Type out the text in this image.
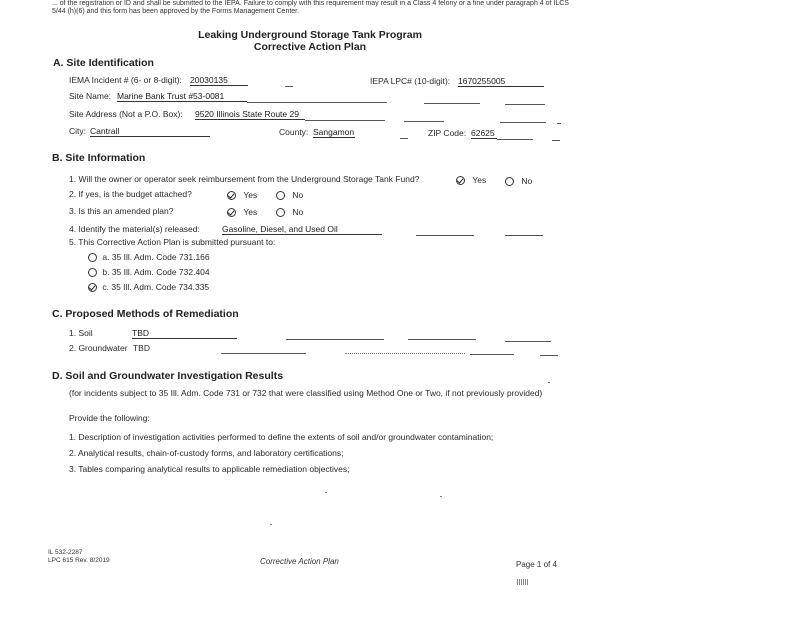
... of the registration or ID and shall be submitted to the IEPA. Failure to comply with this requirement may result in a Class 4 felony or a fine under paragraph 4 of ILCS 5/44 (h)(6) and this form has been approved by the Forms Management Center.
Leaking Underground Storage Tank Program
Corrective Action Plan
A. Site Identification
IEMA Incident # (6- or 8-digit): 20030135	IEPA LPC# (10-digit): 1670255005
Site Name: Marine Bank Trust #53-0081
Site Address (Not a P.O. Box): 9520 Illinois State Route 29
City: Cantrall	County: Sangamon	ZIP Code: 62625
B. Site Information
1. Will the owner or operator seek reimbursement from the Underground Storage Tank Fund?	Yes	No
2. If yes, is the budget attached?	Yes	No
3. Is this an amended plan?	Yes	No
4. Identify the material(s) released:	Gasoline, Diesel, and Used Oil
5. This Corrective Action Plan is submitted pursuant to:
a. 35 Ill. Adm. Code 731.166
b. 35 Ill. Adm. Code 732.404
c. 35 Ill. Adm. Code 734.335
C. Proposed Methods of Remediation
1. Soil	TBD
2. Groundwater TBD
D. Soil and Groundwater Investigation Results
(for incidents subject to 35 Ill. Adm. Code 731 or 732 that were classified using Method One or Two, if not previously provided)
Provide the following:
1. Description of investigation activities performed to define the extents of soil and/or groundwater contamination;
2. Analytical results, chain-of-custody forms, and laboratory certifications;
3. Tables comparing analytical results to applicable remediation objectives;
IL 532-2287
LPC 615 Rev. 8/2019	Corrective Action Plan	Page 1 of 4
